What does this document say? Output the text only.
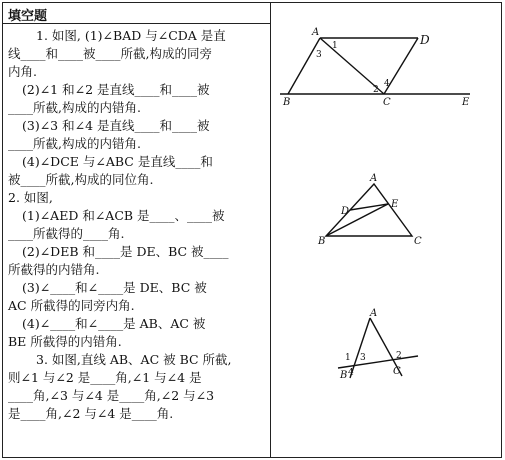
填空题
1. 如图, (1)∠BAD 与∠CDA 是直
线____和____被____所截,构成的同旁
内角.
(2)∠1 和∠2 是直线____和____被
____所截,构成的内错角.
(3)∠3 和∠4 是直线____和____被
____所截,构成的内错角.
(4)∠DCE 与∠ABC 是直线____和
被____所截,构成的同位角.
2. 如图,
(1)∠AED 和∠ACB 是____、____被
____所截得的____角.
(2)∠DEB 和____是 DE、BC 被____
所截得的内错角.
(3)∠____和∠____是 DE、BC 被
AC 所截得的同旁内角.
(4)∠____和∠____是 AB、AC 被
BE 所截得的内错角.
3. 如图,直线 AB、AC 被 BC 所截,
则∠1 与∠2 是____角,∠1 与∠4 是
____角,∠3 与∠4 是____角,∠2 与∠3
是____角,∠2 与∠4 是____角.
A
D
B	C	E
1
3
2
4
A
D
E
B	C
A
B	C
1 3
4
2
